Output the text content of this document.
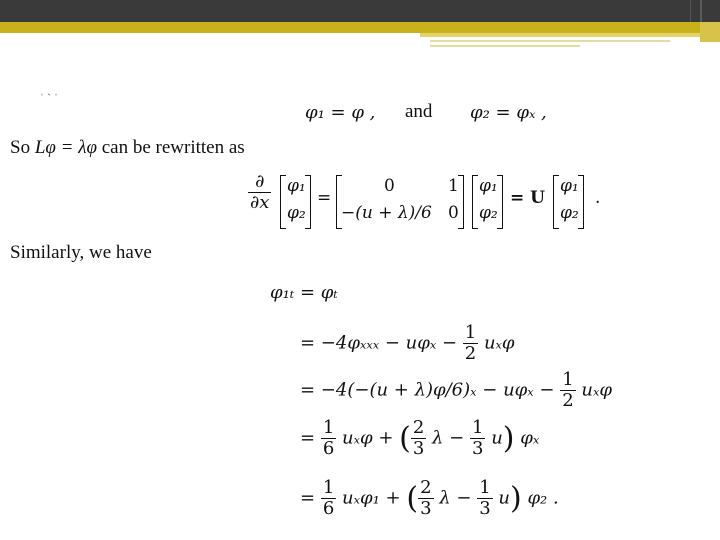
ˌ ˏ ˌ
φ₁ = φ , and φ₂ = φₓ ,
So Lφ = λφ can be rewritten as
$\frac{\partial}{\partial x} \varphi_1$
φ₂
=
0	1
−(u + λ)/6 0
φ₁
φ₂
= U
φ₁
φ₂
.
Similarly, we have
φ₁ₜ = φₜ
= $-4\varphi_{xxx} - u\varphi_x - \frac{1}{2}$ uₓφ
= $-4(-(u + \lambda)\varphi/6)_x - u\varphi_x - \frac{1}{2}$ uₓφ
= $\frac{1}{6}$ uₓφ + ( $\frac{2}{3}$ $\lambda - \frac{1}{3} u$) φₓ
= $\frac{1}{6} u_x\varphi_1$ + ( $\frac{2}{3}$ $\lambda - \frac{1}{3} u$) φ₂ .
